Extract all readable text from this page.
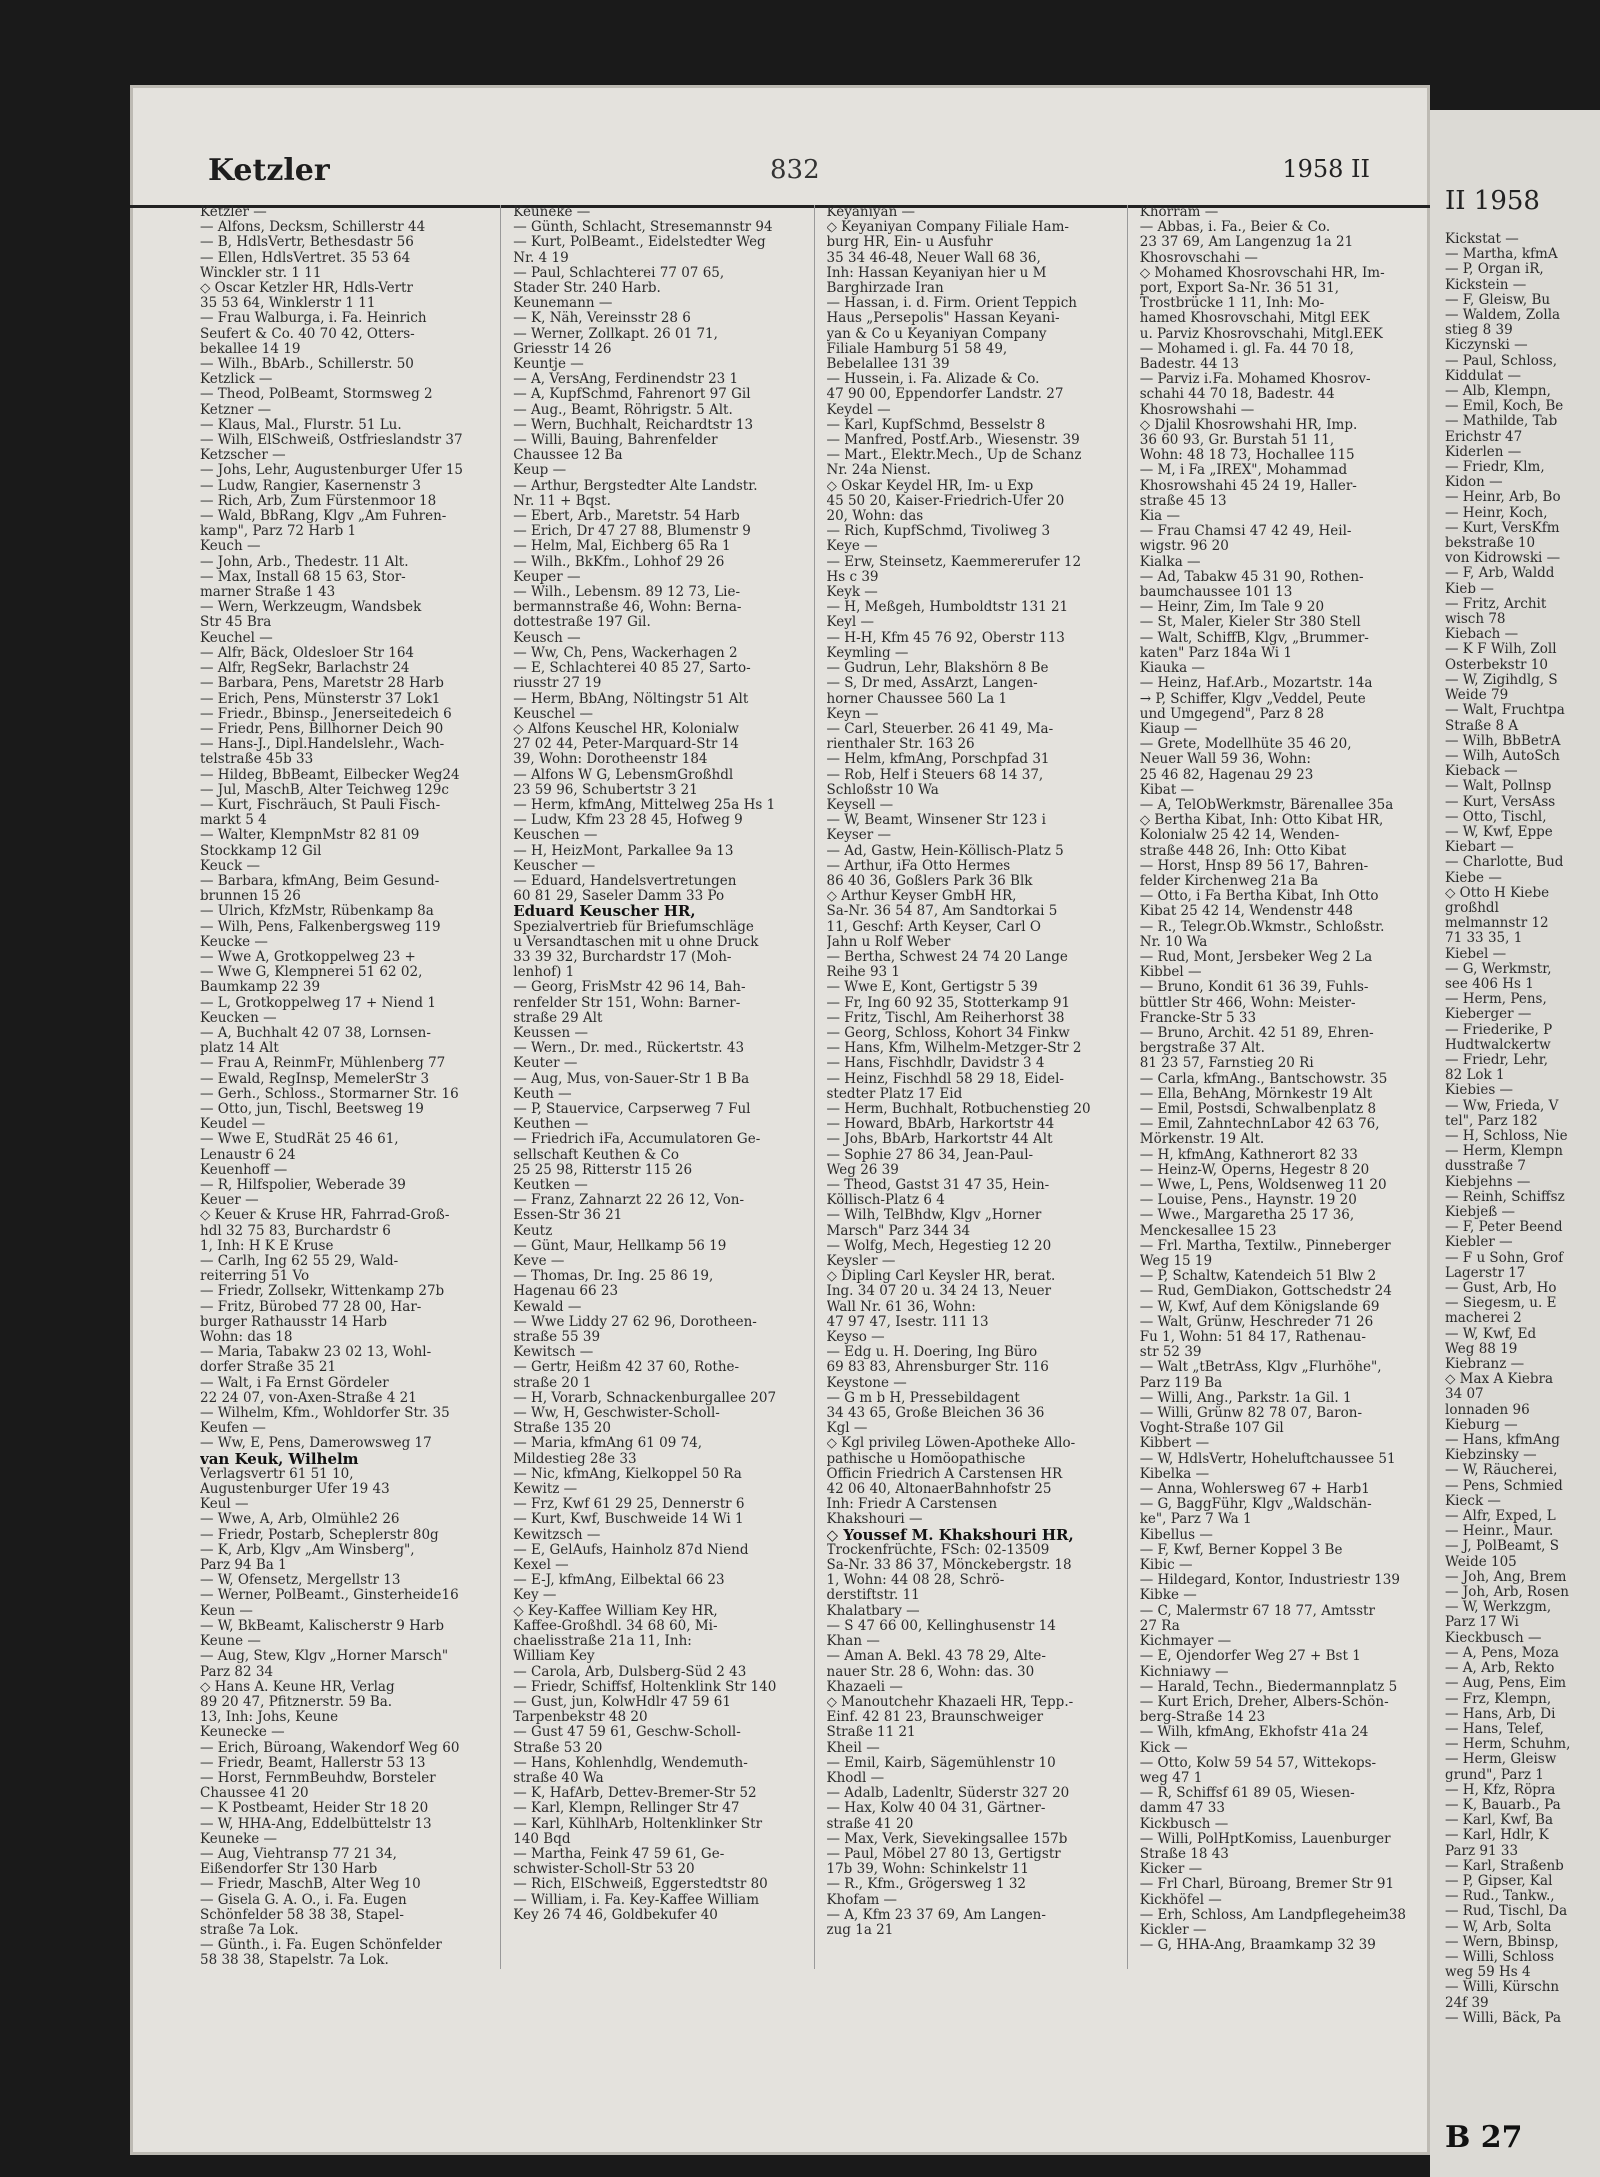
Ketzler	832	1958 II

Ketzler —

— Alfons, Decksm, Schillerstr 44

— B, HdlsVertr, Bethesdastr 56

— Ellen, HdlsVertret. 35 53 64

Winckler str. 1 11

◇ Oscar Ketzler HR, Hdls-Vertr

35 53 64, Winklerstr 1 11

— Frau Walburga, i. Fa. Heinrich

Seufert & Co. 40 70 42, Otters-

bekallee 14 19

— Wilh., BbArb., Schillerstr. 50

Ketzlick —

— Theod, PolBeamt, Stormsweg 2

Ketzner —

— Klaus, Mal., Flurstr. 51 Lu.

— Wilh, ElSchweiß, Ostfrieslandstr 37

Ketzscher —

— Johs, Lehr, Augustenburger Ufer 15

— Ludw, Rangier, Kasernenstr 3

— Rich, Arb, Zum Fürstenmoor 18

— Wald, BbRang, Klgv „Am Fuhren-

kamp", Parz 72 Harb 1

Keuch —

— John, Arb., Thedestr. 11 Alt.

— Max, Install 68 15 63, Stor-

marner Straße 1 43

— Wern, Werkzeugm, Wandsbek

Str 45 Bra

Keuchel —

— Alfr, Bäck, Oldesloer Str 164

— Alfr, RegSekr, Barlachstr 24

— Barbara, Pens, Maretstr 28 Harb

— Erich, Pens, Münsterstr 37 Lok1

— Friedr., Bbinsp., Jenerseitedeich 6

— Friedr, Pens, Billhorner Deich 90

— Hans-J., Dipl.Handelslehr., Wach-

telstraße 45b 33

— Hildeg, BbBeamt, Eilbecker Weg24

— Jul, MaschB, Alter Teichweg 129c

— Kurt, Fischräuch, St Pauli Fisch-

markt 5 4

— Walter, KlempnMstr 82 81 09

Stockkamp 12 Gil

Keuck —

— Barbara, kfmAng, Beim Gesund-

brunnen 15 26

— Ulrich, KfzMstr, Rübenkamp 8a

— Wilh, Pens, Falkenbergsweg 119

Keucke —

— Wwe A, Grotkoppelweg 23 +

— Wwe G, Klempnerei 51 62 02,

Baumkamp 22 39

— L, Grotkoppelweg 17 + Niend 1

Keucken —

— A, Buchhalt 42 07 38, Lornsen-

platz 14 Alt

— Frau A, ReinmFr, Mühlenberg 77

— Ewald, RegInsp, MemelerStr 3

— Gerh., Schloss., Stormarner Str. 16

— Otto, jun, Tischl, Beetsweg 19

Keudel —

— Wwe E, StudRät 25 46 61,

Lenaustr 6 24

Keuenhoff —

— R, Hilfspolier, Weberade 39

Keuer —

◇ Keuer & Kruse HR, Fahrrad-Groß-

hdl 32 75 83, Burchardstr 6

1, Inh: H K E Kruse

— Carlh, Ing 62 55 29, Wald-

reiterring 51 Vo

— Friedr, Zollsekr, Wittenkamp 27b

— Fritz, Bürobed 77 28 00, Har-

burger Rathausstr 14 Harb

Wohn: das 18

— Maria, Tabakw 23 02 13, Wohl-

dorfer Straße 35 21

— Walt, i Fa Ernst Gördeler

22 24 07, von-Axen-Straße 4 21

— Wilhelm, Kfm., Wohldorfer Str. 35

Keufen —

— Ww, E, Pens, Damerowsweg 17

van Keuk, Wilhelm

Verlagsvertr 61 51 10,

Augustenburger Ufer 19 43

Keul —

— Wwe, A, Arb, Olmühle2 26

— Friedr, Postarb, Scheplerstr 80g

— K, Arb, Klgv „Am Winsberg",

Parz 94 Ba 1

— W, Ofensetz, Mergellstr 13

— Werner, PolBeamt., Ginsterheide16

Keun —

— W, BkBeamt, Kalischerstr 9 Harb

Keune —

— Aug, Stew, Klgv „Horner Marsch"

Parz 82 34

◇ Hans A. Keune HR, Verlag

89 20 47, Pfitznerstr. 59 Ba.

13, Inh: Johs, Keune

Keunecke —

— Erich, Büroang, Wakendorf Weg 60

— Friedr, Beamt, Hallerstr 53 13

— Horst, FernmBeuhdw, Borsteler

Chaussee 41 20

— K Postbeamt, Heider Str 18 20

— W, HHA-Ang, Eddelbüttelstr 13

Keuneke —

— Aug, Viehtransp 77 21 34,

Eißendorfer Str 130 Harb

— Friedr, MaschB, Alter Weg 10

— Gisela G. A. O., i. Fa. Eugen

Schönfelder 58 38 38, Stapel-

straße 7a Lok.

— Günth., i. Fa. Eugen Schönfelder

58 38 38, Stapelstr. 7a Lok.

Keuneke —

— Günth, Schlacht, Stresemannstr 94

— Kurt, PolBeamt., Eidelstedter Weg

Nr. 4 19

— Paul, Schlachterei 77 07 65,

Stader Str. 240 Harb.

Keunemann —

— K, Näh, Vereinsstr 28 6

— Werner, Zollkapt. 26 01 71,

Griesstr 14 26

Keuntje —

— A, VersAng, Ferdinendstr 23 1

— A, KupfSchmd, Fahrenort 97 Gil

— Aug., Beamt, Röhrigstr. 5 Alt.

— Wern, Buchhalt, Reichardtstr 13

— Willi, Bauing, Bahrenfelder

Chaussee 12 Ba

Keup —

— Arthur, Bergstedter Alte Landstr.

Nr. 11 + Bqst.

— Ebert, Arb., Maretstr. 54 Harb

— Erich, Dr 47 27 88, Blumenstr 9

— Helm, Mal, Eichberg 65 Ra 1

— Wilh., BkKfm., Lohhof 29 26

Keuper —

— Wilh., Lebensm. 89 12 73, Lie-

bermannstraße 46, Wohn: Berna-

dottestraße 197 Gil.

Keusch —

— Ww, Ch, Pens, Wackerhagen 2

— E, Schlachterei 40 85 27, Sarto-

riusstr 27 19

— Herm, BbAng, Nöltingstr 51 Alt

Keuschel —

◇ Alfons Keuschel HR, Kolonialw

27 02 44, Peter-Marquard-Str 14

39, Wohn: Dorotheenstr 184

— Alfons W G, LebensmGroßhdl

23 59 96, Schubertstr 3 21

— Herm, kfmAng, Mittelweg 25a Hs 1

— Ludw, Kfm 23 28 45, Hofweg 9

Keuschen —

— H, HeizMont, Parkallee 9a 13

Keuscher —

— Eduard, Handelsvertretungen

60 81 29, Saseler Damm 33 Po

Eduard Keuscher HR,

Spezialvertrieb für Briefumschläge

u Versandtaschen mit u ohne Druck

33 39 32, Burchardstr 17 (Moh-

lenhof) 1

— Georg, FrisMstr 42 96 14, Bah-

renfelder Str 151, Wohn: Barner-

straße 29 Alt

Keussen —

— Wern., Dr. med., Rückertstr. 43

Keuter —

— Aug, Mus, von-Sauer-Str 1 B Ba

Keuth —

— P, Stauervice, Carpserweg 7 Ful

Keuthen —

— Friedrich iFa, Accumulatoren Ge-

sellschaft Keuthen & Co

25 25 98, Ritterstr 115 26

Keutken —

— Franz, Zahnarzt 22 26 12, Von-

Essen-Str 36 21

Keutz

— Günt, Maur, Hellkamp 56 19

Keve —

— Thomas, Dr. Ing. 25 86 19,

Hagenau 66 23

Kewald —

— Wwe Liddy 27 62 96, Dorotheen-

straße 55 39

Kewitsch —

— Gertr, Heißm 42 37 60, Rothe-

straße 20 1

— H, Vorarb, Schnackenburgallee 207

— Ww, H, Geschwister-Scholl-

Straße 135 20

— Maria, kfmAng 61 09 74,

Mildestieg 28e 33

— Nic, kfmAng, Kielkoppel 50 Ra

Kewitz —

— Frz, Kwf 61 29 25, Dennerstr 6

— Kurt, Kwf, Buschweide 14 Wi 1

Kewitzsch —

— E, GelAufs, Hainholz 87d Niend

Kexel —

— E-J, kfmAng, Eilbektal 66 23

Key —

◇ Key-Kaffee William Key HR,

Kaffee-Großhdl. 34 68 60, Mi-

chaelisstraße 21a 11, Inh:

William Key

— Carola, Arb, Dulsberg-Süd 2 43

— Friedr, Schiffsf, Holtenklink Str 140

— Gust, jun, KolwHdlr 47 59 61

Tarpenbekstr 48 20

— Gust 47 59 61, Geschw-Scholl-

Straße 53 20

— Hans, Kohlenhdlg, Wendemuth-

straße 40 Wa

— K, HafArb, Dettev-Bremer-Str 52

— Karl, Klempn, Rellinger Str 47

— Karl, KühlhArb, Holtenklinker Str

140 Bqd

— Martha, Feink 47 59 61, Ge-

schwister-Scholl-Str 53 20

— Rich, ElSchweiß, Eggerstedtstr 80

— William, i. Fa. Key-Kaffee William

Key 26 74 46, Goldbekufer 40

Keyaniyan —

◇ Keyaniyan Company Filiale Ham-

burg HR, Ein- u Ausfuhr

35 34 46-48, Neuer Wall 68 36,

Inh: Hassan Keyaniyan hier u M

Barghirzade Iran

— Hassan, i. d. Firm. Orient Teppich

Haus „Persepolis" Hassan Keyani-

yan & Co u Keyaniyan Company

Filiale Hamburg 51 58 49,

Bebelallee 131 39

— Hussein, i. Fa. Alizade & Co.

47 90 00, Eppendorfer Landstr. 27

Keydel —

— Karl, KupfSchmd, Besselstr 8

— Manfred, Postf.Arb., Wiesenstr. 39

— Mart., Elektr.Mech., Up de Schanz

Nr. 24a Nienst.

◇ Oskar Keydel HR, Im- u Exp

45 50 20, Kaiser-Friedrich-Ufer 20

20, Wohn: das

— Rich, KupfSchmd, Tivoliweg 3

Keye —

— Erw, Steinsetz, Kaemmererufer 12

Hs c 39

Keyk —

— H, Meßgeh, Humboldtstr 131 21

Keyl —

— H-H, Kfm 45 76 92, Oberstr 113

Keymling —

— Gudrun, Lehr, Blakshörn 8 Be

— S, Dr med, AssArzt, Langen-

horner Chaussee 560 La 1

Keyn —

— Carl, Steuerber. 26 41 49, Ma-

rienthaler Str. 163 26

— Helm, kfmAng, Porschpfad 31

— Rob, Helf i Steuers 68 14 37,

Schloßstr 10 Wa

Keysell —

— W, Beamt, Winsener Str 123 i

Keyser —

— Ad, Gastw, Hein-Köllisch-Platz 5

— Arthur, iFa Otto Hermes

86 40 36, Goßlers Park 36 Blk

◇ Arthur Keyser GmbH HR,

Sa-Nr. 36 54 87, Am Sandtorkai 5

11, Geschf: Arth Keyser, Carl O

Jahn u Rolf Weber

— Bertha, Schwest 24 74 20 Lange

Reihe 93 1

— Wwe E, Kont, Gertigstr 5 39

— Fr, Ing 60 92 35, Stotterkamp 91

— Fritz, Tischl, Am Reiherhorst 38

— Georg, Schloss, Kohort 34 Finkw

— Hans, Kfm, Wilhelm-Metzger-Str 2

— Hans, Fischhdlr, Davidstr 3 4

— Heinz, Fischhdl 58 29 18, Eidel-

stedter Platz 17 Eid

— Herm, Buchhalt, Rotbuchenstieg 20

— Howard, BbArb, Harkortstr 44

— Johs, BbArb, Harkortstr 44 Alt

— Sophie 27 86 34, Jean-Paul-

Weg 26 39

— Theod, Gastst 31 47 35, Hein-

Köllisch-Platz 6 4

— Wilh, TelBhdw, Klgv „Horner

Marsch" Parz 344 34

— Wolfg, Mech, Hegestieg 12 20

Keysler —

◇ Dipling Carl Keysler HR, berat.

Ing. 34 07 20 u. 34 24 13, Neuer

Wall Nr. 61 36, Wohn:

47 97 47, Isestr. 111 13

Keyso —

— Edg u. H. Doering, Ing Büro

69 83 83, Ahrensburger Str. 116

Keystone —

— G m b H, Pressebildagent

34 43 65, Große Bleichen 36 36

Kgl —

◇ Kgl privileg Löwen-Apotheke Allo-

pathische u Homöopathische

Officin Friedrich A Carstensen HR

42 06 40, AltonaerBahnhofstr 25

Inh: Friedr A Carstensen

Khakshouri —

◇ Youssef M. Khakshouri HR,

Trockenfrüchte, FSch: 02-13509

Sa-Nr. 33 86 37, Mönckebergstr. 18

1, Wohn: 44 08 28, Schrö-

derstiftstr. 11

Khalatbary —

— S 47 66 00, Kellinghusenstr 14

Khan —

— Aman A. Bekl. 43 78 29, Alte-

nauer Str. 28 6, Wohn: das. 30

Khazaeli —

◇ Manoutchehr Khazaeli HR, Tepp.-

Einf. 42 81 23, Braunschweiger

Straße 11 21

Kheil —

— Emil, Kairb, Sägemühlenstr 10

Khodl —

— Adalb, Ladenltr, Süderstr 327 20

— Hax, Kolw 40 04 31, Gärtner-

straße 41 20

— Max, Verk, Sievekingsallee 157b

— Paul, Möbel 27 80 13, Gertigstr

17b 39, Wohn: Schinkelstr 11

— R., Kfm., Grögersweg 1 32

Khofam —

— A, Kfm 23 37 69, Am Langen-

zug 1a 21

Khorram —

— Abbas, i. Fa., Beier & Co.

23 37 69, Am Langenzug 1a 21

Khosrovschahi —

◇ Mohamed Khosrovschahi HR, Im-

port, Export Sa-Nr. 36 51 31,

Trostbrücke 1 11, Inh: Mo-

hamed Khosrovschahi, Mitgl EEK

u. Parviz Khosrovschahi, Mitgl.EEK

— Mohamed i. gl. Fa. 44 70 18,

Badestr. 44 13

— Parviz i.Fa. Mohamed Khosrov-

schahi 44 70 18, Badestr. 44

Khosrowshahi —

◇ Djalil Khosrowshahi HR, Imp.

36 60 93, Gr. Burstah 51 11,

Wohn: 48 18 73, Hochallee 115

— M, i Fa „IREX", Mohammad

Khosrowshahi 45 24 19, Haller-

straße 45 13

Kia —

— Frau Chamsi 47 42 49, Heil-

wigstr. 96 20

Kialka —

— Ad, Tabakw 45 31 90, Rothen-

baumchaussee 101 13

— Heinr, Zim, Im Tale 9 20

— St, Maler, Kieler Str 380 Stell

— Walt, SchiffB, Klgv, „Brummer-

katen" Parz 184a Wi 1

Kiauka —

— Heinz, Haf.Arb., Mozartstr. 14a

→ P, Schiffer, Klgv „Veddel, Peute

und Umgegend", Parz 8 28

Kiaup —

— Grete, Modellhüte 35 46 20,

Neuer Wall 59 36, Wohn:

25 46 82, Hagenau 29 23

Kibat —

— A, TelObWerkmstr, Bärenallee 35a

◇ Bertha Kibat, Inh: Otto Kibat HR,

Kolonialw 25 42 14, Wenden-

straße 448 26, Inh: Otto Kibat

— Horst, Hnsp 89 56 17, Bahren-

felder Kirchenweg 21a Ba

— Otto, i Fa Bertha Kibat, Inh Otto

Kibat 25 42 14, Wendenstr 448

— R., Telegr.Ob.Wkmstr., Schloßstr.

Nr. 10 Wa

— Rud, Mont, Jersbeker Weg 2 La

Kibbel —

— Bruno, Kondit 61 36 39, Fuhls-

büttler Str 466, Wohn: Meister-

Francke-Str 5 33

— Bruno, Archit. 42 51 89, Ehren-

bergstraße 37 Alt.

81 23 57, Farnstieg 20 Ri

— Carla, kfmAng., Bantschowstr. 35

— Ella, BehAng, Mörnkestr 19 Alt

— Emil, Postsdi, Schwalbenplatz 8

— Emil, ZahntechnLabor 42 63 76,

Mörkenstr. 19 Alt.

— H, kfmAng, Kathnerort 82 33

— Heinz-W, Operns, Hegestr 8 20

— Wwe, L, Pens, Woldsenweg 11 20

— Louise, Pens., Haynstr. 19 20

— Wwe., Margaretha 25 17 36,

Menckesallee 15 23

— Frl. Martha, Textilw., Pinneberger

Weg 15 19

— P, Schaltw, Katendeich 51 Blw 2

— Rud, GemDiakon, Gottschedstr 24

— W, Kwf, Auf dem Königslande 69

— Walt, Grünw, Heschreder 71 26

Fu 1, Wohn: 51 84 17, Rathenau-

str 52 39

— Walt „tBetrAss, Klgv „Flurhöhe",

Parz 119 Ba

— Willi, Ang., Parkstr. 1a Gil. 1

— Willi, Grünw 82 78 07, Baron-

Voght-Straße 107 Gil

Kibbert —

— W, HdlsVertr, Hoheluftchaussee 51

Kibelka —

— Anna, Wohlersweg 67 + Harb1

— G, BaggFühr, Klgv „Waldschän-

ke", Parz 7 Wa 1

Kibellus —

— F, Kwf, Berner Koppel 3 Be

Kibic —

— Hildegard, Kontor, Industriestr 139

Kibke —

— C, Malermstr 67 18 77, Amtsstr

27 Ra

Kichmayer —

— E, Ojendorfer Weg 27 + Bst 1

Kichniawy —

— Harald, Techn., Biedermannplatz 5

— Kurt Erich, Dreher, Albers-Schön-

berg-Straße 14 23

— Wilh, kfmAng, Ekhofstr 41a 24

Kick —

— Otto, Kolw 59 54 57, Wittekops-

weg 47 1

— R, Schiffsf 61 89 05, Wiesen-

damm 47 33

Kickbusch —

— Willi, PolHptKomiss, Lauenburger

Straße 18 43

Kicker —

— Frl Charl, Büroang, Bremer Str 91

Kickhöfel —

— Erh, Schloss, Am Landpflegeheim38

Kickler —

— G, HHA-Ang, Braamkamp 32 39

II 1958

Kickstat —

— Martha, kfmA

— P, Organ iR,

Kickstein —

— F, Gleisw, Bu

— Waldem, Zolla

stieg 8 39

Kiczynski —

— Paul, Schloss,

Kiddulat —

— Alb, Klempn,

— Emil, Koch, Be

— Mathilde, Tab

Erichstr 47

Kiderlen —

— Friedr, Klm,

Kidon —

— Heinr, Arb, Bo

— Heinr, Koch,

— Kurt, VersKfm

bekstraße 10

von Kidrowski —

— F, Arb, Waldd

Kieb —

— Fritz, Archit

wisch 78

Kiebach —

— K F Wilh, Zoll

Osterbekstr 10

— W, Zigihdlg, S

Weide 79

— Walt, Fruchtpa

Straße 8 A

— Wilh, BbBetrA

— Wilh, AutoSch

Kieback —

— Walt, Pollnsp

— Kurt, VersAss

— Otto, Tischl,

— W, Kwf, Eppe

Kiebart —

— Charlotte, Bud

Kiebe —

◇ Otto H Kiebe

großhdl

melmannstr 12

71 33 35, 1

Kiebel —

— G, Werkmstr,

see 406 Hs 1

— Herm, Pens,

Kieberger —

— Friederike, P

Hudtwalckertw

— Friedr, Lehr,

82 Lok 1

Kiebies —

— Ww, Frieda, V

tel", Parz 182

— H, Schloss, Nie

— Herm, Klempn

dusstraße 7

Kiebjehns —

— Reinh, Schiffsz

Kiebjeß —

— F, Peter Beend

Kiebler —

— F u Sohn, Grof

Lagerstr 17

— Gust, Arb, Ho

— Siegesm, u. E

macherei 2

— W, Kwf, Ed

Weg 88 19

Kiebranz —

◇ Max A Kiebra

34 07

lonnaden 96

Kieburg —

— Hans, kfmAng

Kiebzinsky —

— W, Räucherei,

— Pens, Schmied

Kieck —

— Alfr, Exped, L

— Heinr., Maur.

— J, PolBeamt, S

Weide 105

— Joh, Ang, Brem

— Joh, Arb, Rosen

— W, Werkzgm,

Parz 17 Wi

Kieckbusch —

— A, Pens, Moza

— A, Arb, Rekto

— Aug, Pens, Eim

— Frz, Klempn,

— Hans, Arb, Di

— Hans, Telef,

— Herm, Schuhm,

— Herm, Gleisw

grund", Parz 1

— H, Kfz, Röpra

— K, Bauarb., Pa

— Karl, Kwf, Ba

— Karl, Hdlr, K

Parz 91 33

— Karl, Straßenb

— P, Gipser, Kal

— Rud., Tankw.,

— Rud, Tischl, Da

— W, Arb, Solta

— Wern, Bbinsp,

— Willi, Schloss

weg 59 Hs 4

— Willi, Kürschn

24f 39

— Willi, Bäck, Pa

B 27
